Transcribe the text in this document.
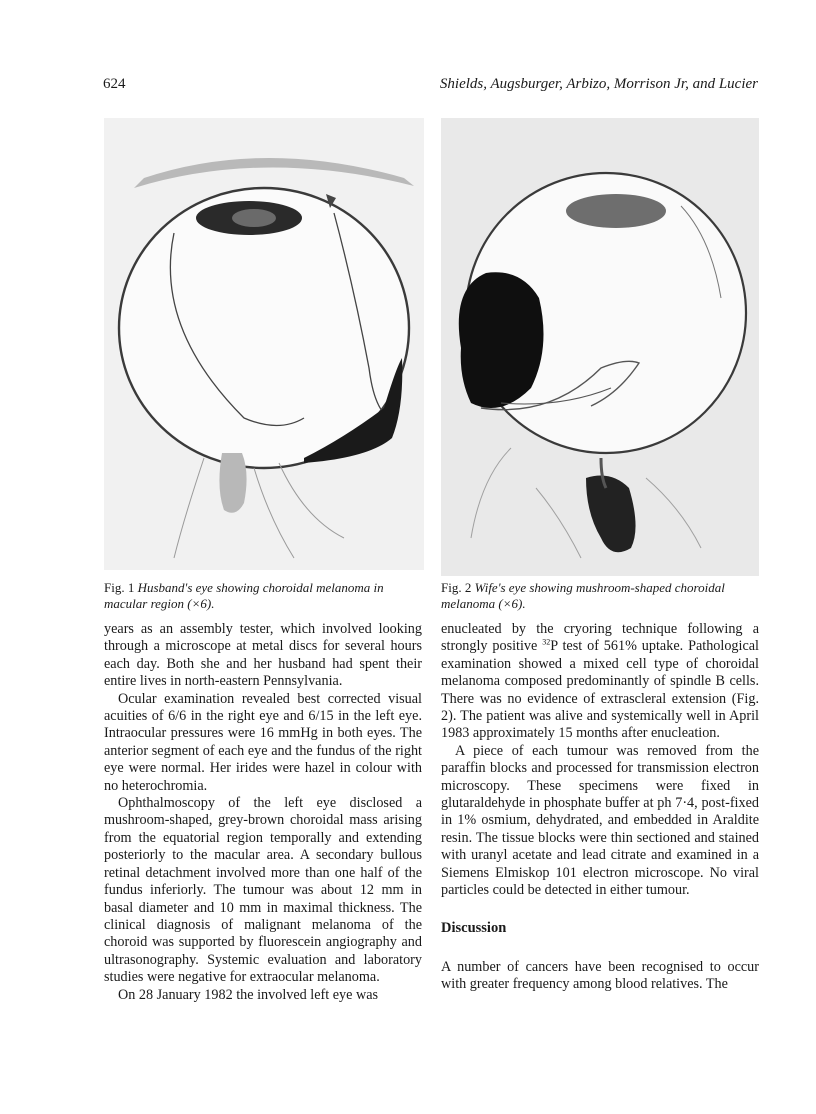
624	Shields, Augsburger, Arbizo, Morrison Jr, and Lucier
Fig. 1 Husband's eye showing choroidal melanoma in macular region (×6).
Fig. 2 Wife's eye showing mushroom-shaped choroidal melanoma (×6).

years as an assembly tester, which involved looking through a microscope at metal discs for several hours each day. Both she and her husband had spent their entire lives in north-eastern Pennsylvania.

Ocular examination revealed best corrected visual acuities of 6/6 in the right eye and 6/15 in the left eye. Intraocular pressures were 16 mmHg in both eyes. The anterior segment of each eye and the fundus of the right eye were normal. Her irides were hazel in colour with no heterochromia.

Ophthalmoscopy of the left eye disclosed a mushroom-shaped, grey-brown choroidal mass arising from the equatorial region temporally and extending posteriorly to the macular area. A secondary bullous retinal detachment involved more than one half of the fundus inferiorly. The tumour was about 12 mm in basal diameter and 10 mm in maximal thickness. The clinical diagnosis of malignant melanoma of the choroid was supported by fluorescein angiography and ultrasonography. Systemic evaluation and laboratory studies were negative for extraocular melanoma.

On 28 January 1982 the involved left eye was

enucleated by the cryoring technique following a strongly positive $^{32}$P test of 561% uptake. Pathological examination showed a mixed cell type of choroidal melanoma composed predominantly of spindle B cells. There was no evidence of extrascleral extension (Fig. 2). The patient was alive and systemically well in April 1983 approximately 15 months after enucleation.

A piece of each tumour was removed from the paraffin blocks and processed for transmission electron microscopy. These specimens were fixed in glutaraldehyde in phosphate buffer at ph 7·4, post-fixed in 1% osmium, dehydrated, and embedded in Araldite resin. The tissue blocks were thin sectioned and stained with uranyl acetate and lead citrate and examined in a Siemens Elmiskop 101 electron microscope. No viral particles could be detected in either tumour.

Discussion

A number of cancers have been recognised to occur with greater frequency among blood relatives. The
